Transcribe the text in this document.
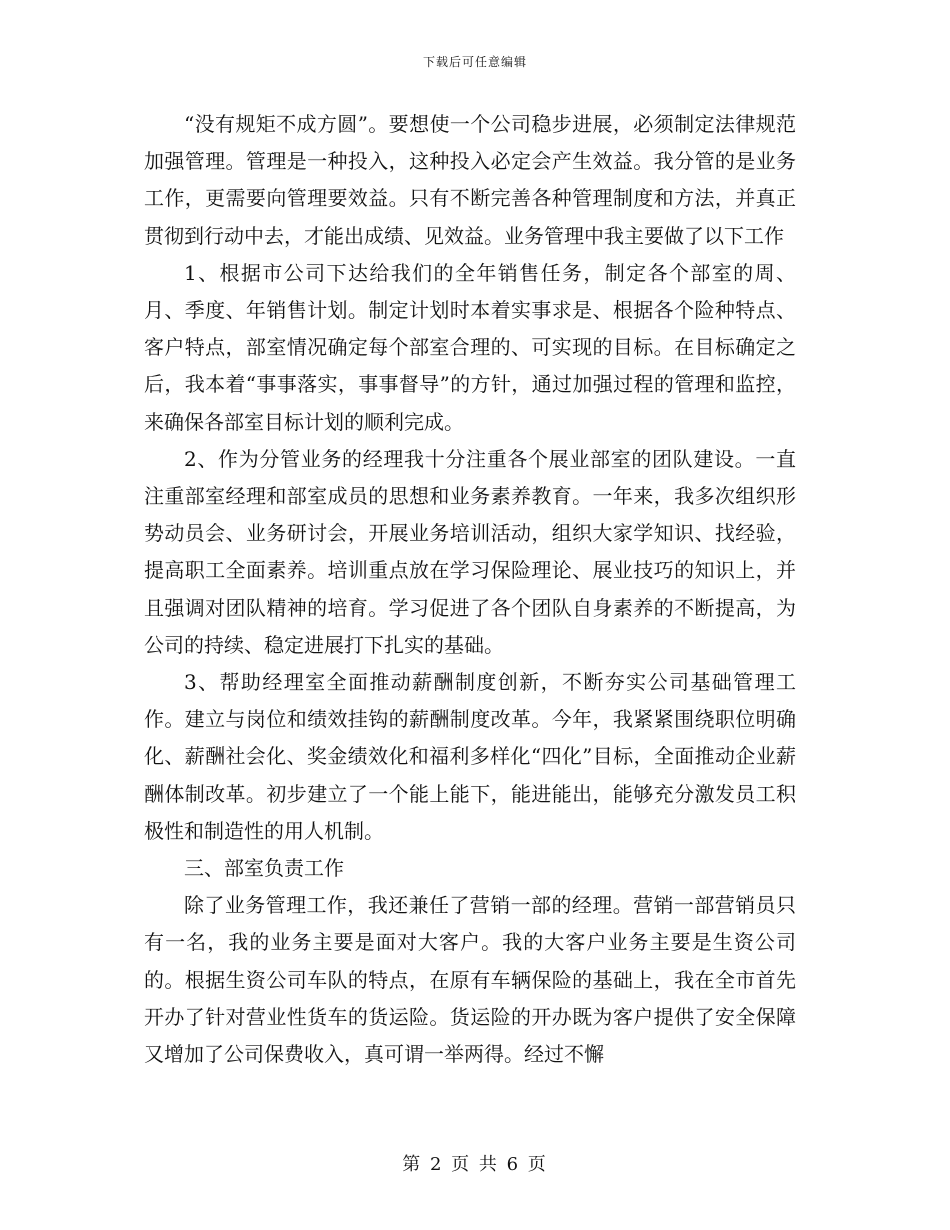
下载后可任意编辑

“没有规矩不成方圆”。要想使一个公司稳步进展，必须制定法律规范加强管理。管理是一种投入，这种投入必定会产生效益。我分管的是业务工作，更需要向管理要效益。只有不断完善各种管理制度和方法，并真正贯彻到行动中去，才能出成绩、见效益。业务管理中我主要做了以下工作

1、根据市公司下达给我们的全年销售任务，制定各个部室的周、月、季度、年销售计划。制定计划时本着实事求是、根据各个险种特点、客户特点，部室情况确定每个部室合理的、可实现的目标。在目标确定之后，我本着“事事落实，事事督导”的方针，通过加强过程的管理和监控，来确保各部室目标计划的顺利完成。

2、作为分管业务的经理我十分注重各个展业部室的团队建设。一直注重部室经理和部室成员的思想和业务素养教育。一年来，我多次组织形势动员会、业务研讨会，开展业务培训活动，组织大家学知识、找经验，提高职工全面素养。培训重点放在学习保险理论、展业技巧的知识上，并且强调对团队精神的培育。学习促进了各个团队自身素养的不断提高，为公司的持续、稳定进展打下扎实的基础。

3、帮助经理室全面推动薪酬制度创新，不断夯实公司基础管理工作。建立与岗位和绩效挂钩的薪酬制度改革。今年，我紧紧围绕职位明确化、薪酬社会化、奖金绩效化和福利多样化“四化”目标，全面推动企业薪酬体制改革。初步建立了一个能上能下，能进能出，能够充分激发员工积极性和制造性的用人机制。

三、部室负责工作

除了业务管理工作，我还兼任了营销一部的经理。营销一部营销员只有一名，我的业务主要是面对大客户。我的大客户业务主要是生资公司的。根据生资公司车队的特点，在原有车辆保险的基础上，我在全市首先开办了针对营业性货车的货运险。货运险的开办既为客户提供了安全保障又增加了公司保费收入，真可谓一举两得。经过不懈

第 2 页 共 6 页
